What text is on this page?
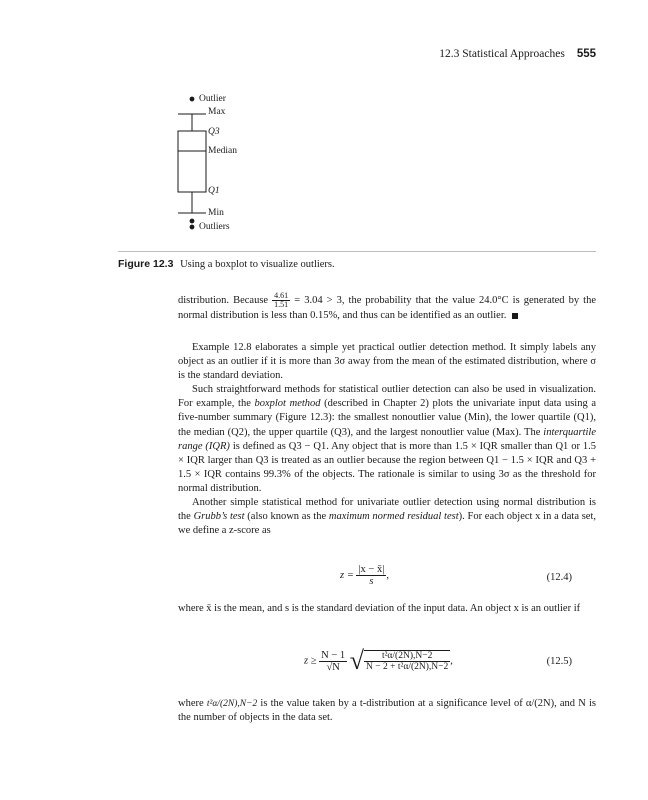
12.3 Statistical Approaches 555
Outlier
Max
Q3
Median
Q1
Min
Outliers
Figure 12.3 Using a boxplot to visualize outliers.

distribution. Because $\frac{4.61}{1.51} = 3.04 > 3$, the probability that the value 24.0°C is generated by the normal distribution is less than 0.15%, and thus can be identified as an outlier.

Example 12.8 elaborates a simple yet practical outlier detection method. It simply labels any object as an outlier if it is more than 3σ away from the mean of the estimated distribution, where σ is the standard deviation.

Such straightforward methods for statistical outlier detection can also be used in visualization. For example, the boxplot method (described in Chapter 2) plots the univariate input data using a five-number summary (Figure 12.3): the smallest nonoutlier value (Min), the lower quartile (Q1), the median (Q2), the upper quartile (Q3), and the largest nonoutlier value (Max). The interquartile range (IQR) is defined as Q3 − Q1. Any object that is more than 1.5 × IQR smaller than Q1 or 1.5 × IQR larger than Q3 is treated as an outlier because the region between Q1 − 1.5 × IQR and Q3 + 1.5 × IQR contains 99.3% of the objects. The rationale is similar to using 3σ as the threshold for normal distribution.

Another simple statistical method for univariate outlier detection using normal distribution is the Grubb’s test (also known as the maximum normed residual test). For each object x in a data set, we define a z-score as

$z = \frac{|x - x̄|}{s}$ ,	(12.4)

where x̄ is the mean, and s is the standard deviation of the input data. An object x is an outlier if

$z \ge \frac{N - 1}{√N}$ √ $\frac{\text{t²α/(2N),N−2}}{\text{N − 2 + t²α/(2N),N−2}}$ ,	(12.5)

where t²α/(2N),N−2 is the value taken by a t-distribution at a significance level of α/(2N), and N is the number of objects in the data set.
